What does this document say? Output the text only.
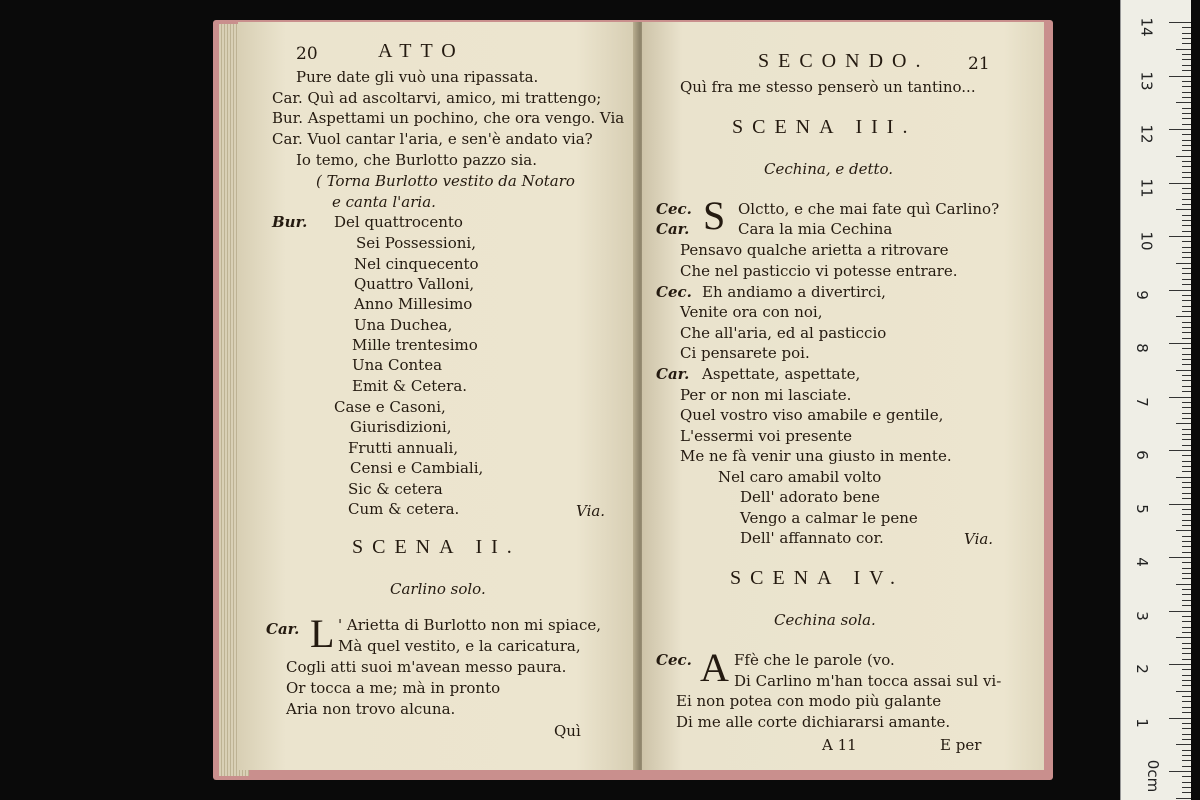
20	ATTO
Pure date gli vuò una ripassata.
Car. Quì ad ascoltarvi, amico, mi trattengo;
Bur. Aspettami un pochino, che ora vengo. Via
Car. Vuol cantar l'aria, e sen'è andato via?
Io temo, che Burlotto pazzo sia.
( Torna Burlotto vestito da Notaro
e canta l'aria.
Bur. Del quattrocento
Sei Possessioni,
Nel cinquecento
Quattro Valloni,
Anno Millesimo
Una Duchea,
Mille trentesimo
Una Contea
Emit & Cetera.
Case e Casoni,
Giurisdizioni,
Frutti annuali,
Censi e Cambiali,
Sic & cetera
Cum & cetera.	Via.
SCENA II.
Carlino solo.
Car. L ' Arietta di Burlotto non mi spiace,
Mà quel vestito, e la caricatura,
Cogli atti suoi m'avean messo paura.
Or tocca a me; mà in pronto
Aria non trovo alcuna.
Quì
SECONDO. 21
Quì fra me stesso penserò un tantino...
SCENA III.
Cechina, e detto.
Cec.
Car. S Olctto, e che mai fate quì Carlino?
Cara la mia Cechina
Pensavo qualche arietta a ritrovare
Che nel pasticcio vi potesse entrare.
Cec. Eh andiamo a divertirci,
Venite ora con noi,
Che all'aria, ed al pasticcio
Ci pensarete poi.
Car. Aspettate, aspettate,
Per or non mi lasciate.
Quel vostro viso amabile e gentile,
L'essermi voi presente
Me ne fà venir una giusto in mente.
Nel caro amabil volto
Dell' adorato bene
Vengo a calmar le pene
Dell' affannato cor.	Via.
SCENA IV.
Cechina sola.
Cec. A Ffè che le parole (vo.
Di Carlino m'han tocca assai sul vi-
Ei non potea con modo più galante
Di me alle corte dichiararsi amante.
A 11	E per
14
13
12
11
10
9
8
7
6
5
4
3
2
1
0cm
